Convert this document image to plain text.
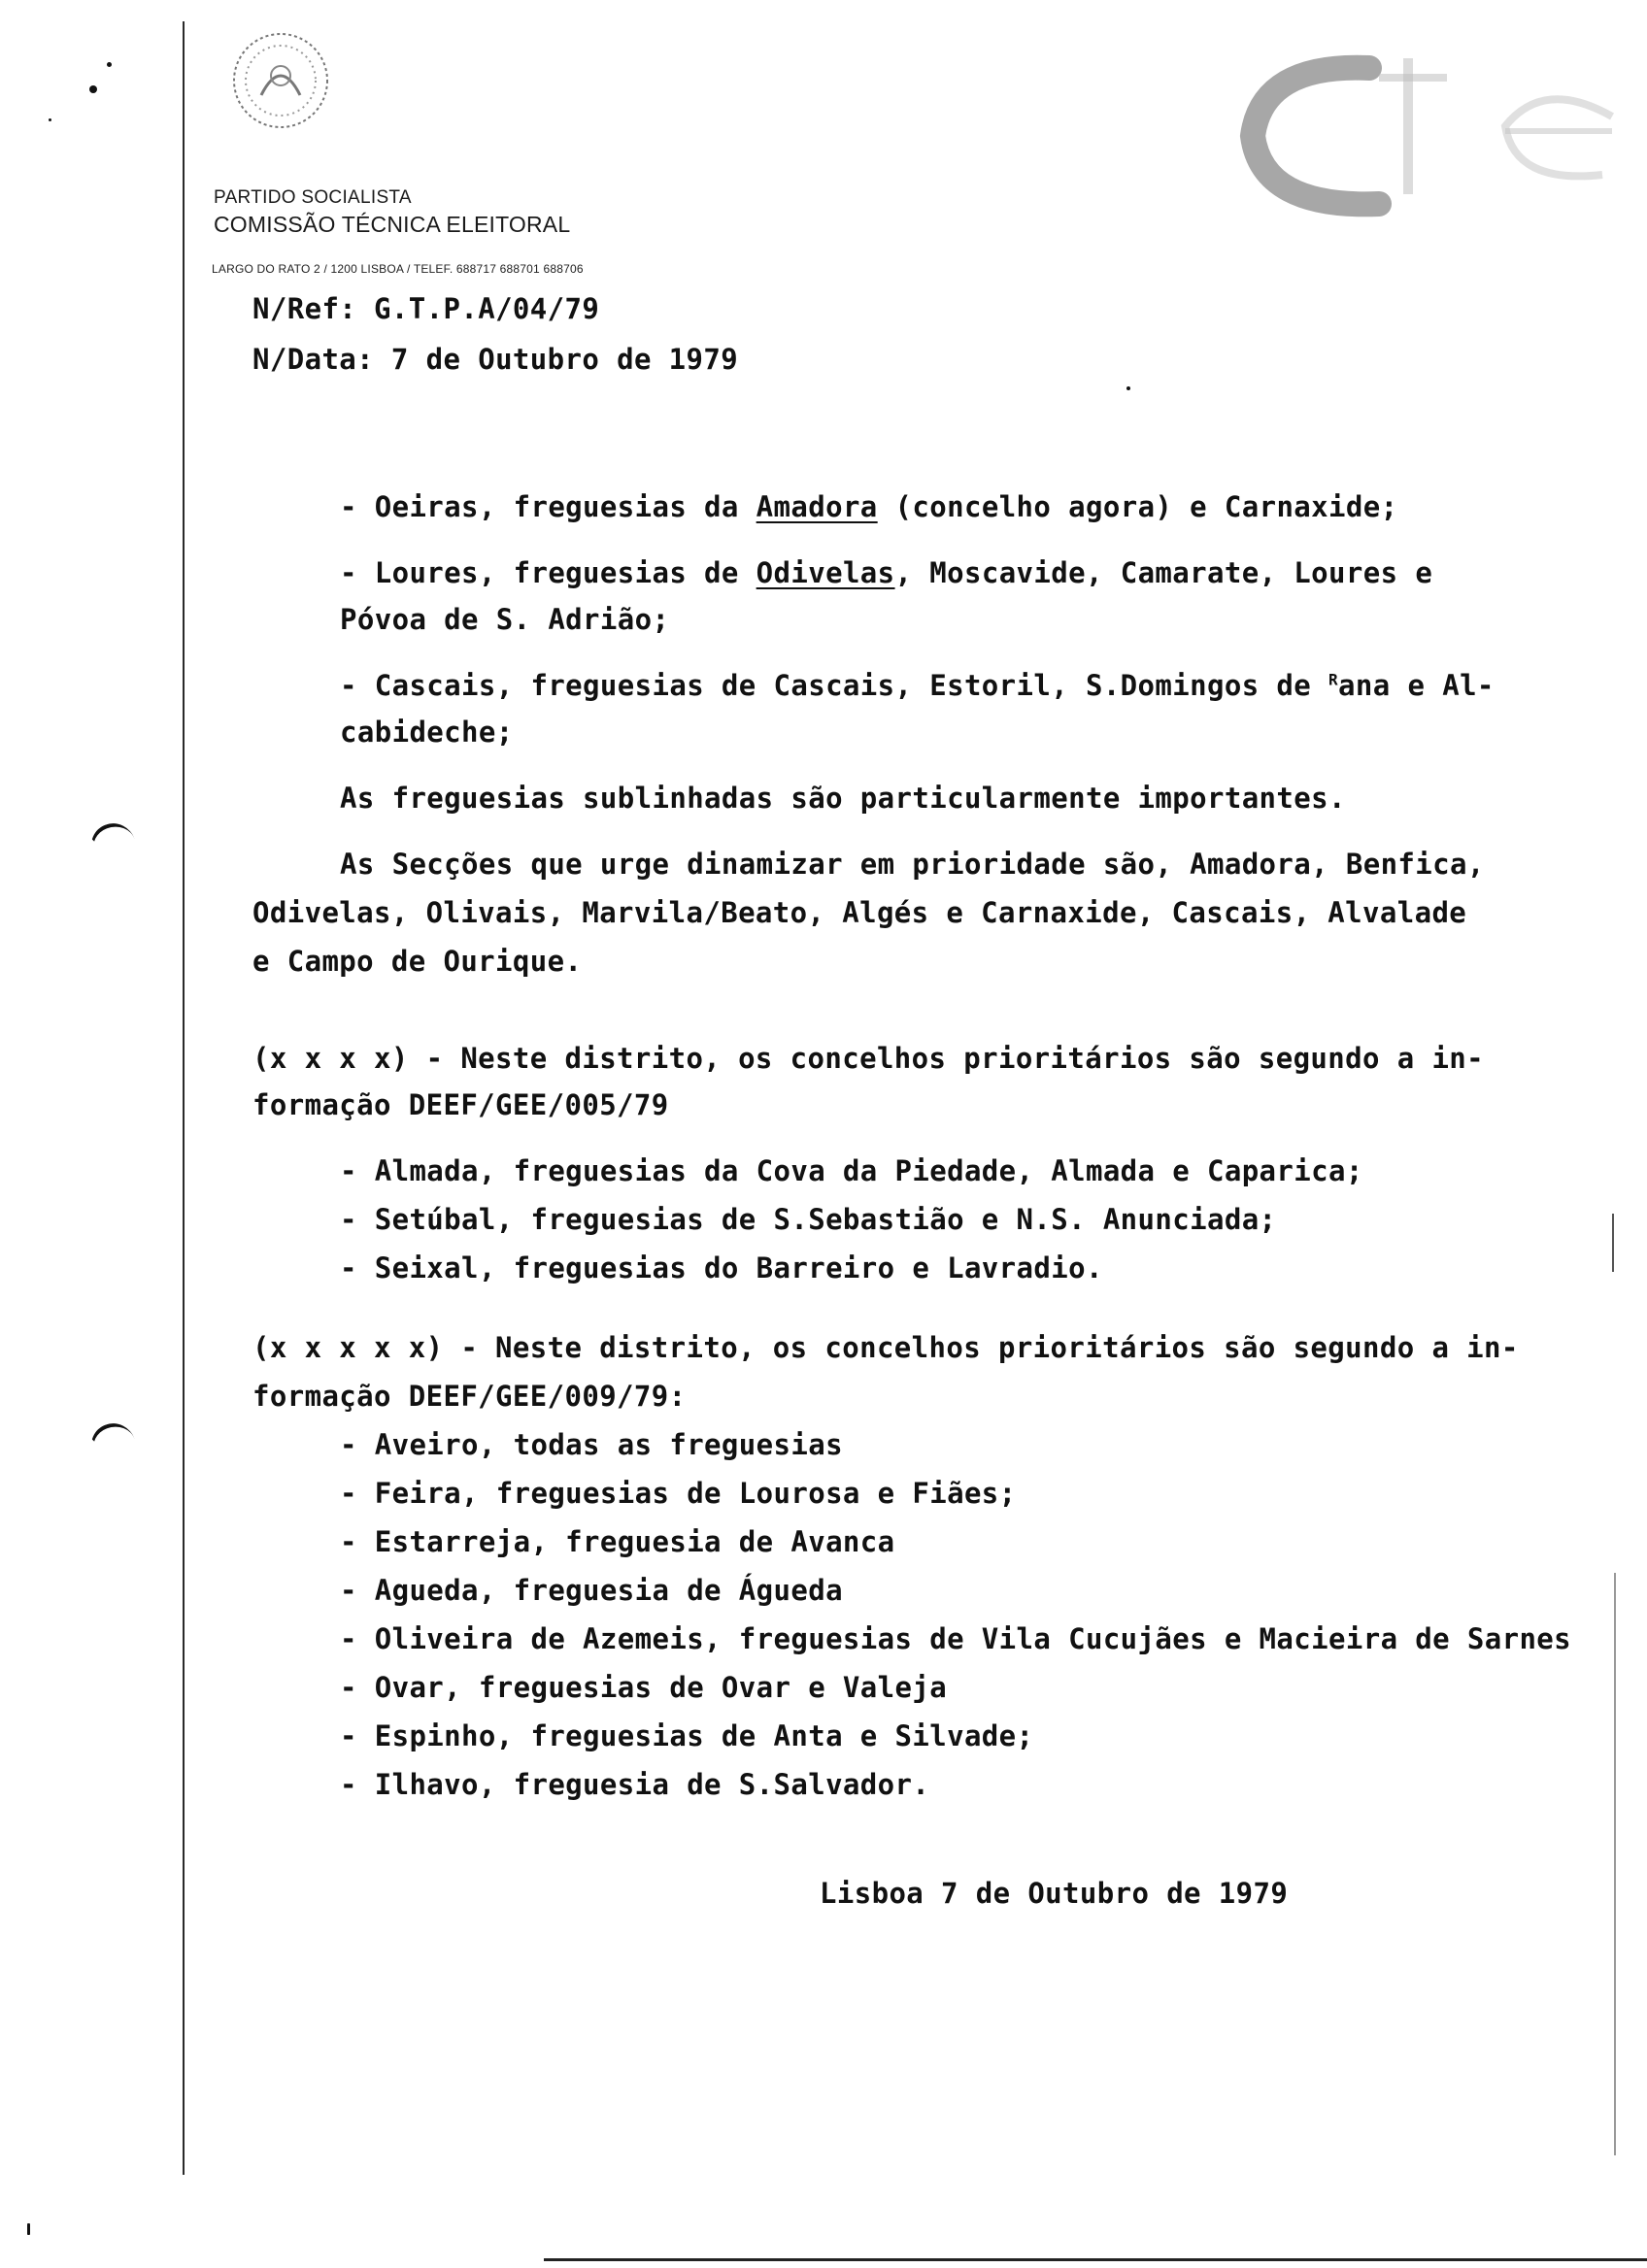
cte
PARTIDO SOCIALISTA
COMISSÃO TÉCNICA ELEITORAL
LARGO DO RATO 2 / 1200 LISBOA / TELEF. 688717 688701 688706
N/Ref: G.T.P.A/04/79
N/Data: 7 de Outubro de 1979
- Oeiras, freguesias da Amadora (concelho agora) e Carnaxide;
- Loures, freguesias de Odivelas, Moscavide, Camarate, Loures e
Póvoa de S. Adrião;
- Cascais, freguesias de Cascais, Estoril, S.Domingos de $^R$ana e Al-
cabideche;
As freguesias sublinhadas são particularmente importantes.
As Secções que urge dinamizar em prioridade são, Amadora, Benfica,
Odivelas, Olivais, Marvila/Beato, Algés e Carnaxide, Cascais, Alvalade
e Campo de Ourique.
(x x x x) - Neste distrito, os concelhos prioritários são segundo a in-
formação DEEF/GEE/005/79
- Almada, freguesias da Cova da Piedade, Almada e Caparica;
- Setúbal, freguesias de S.Sebastião e N.S. Anunciada;
- Seixal, freguesias do Barreiro e Lavradio.
(x x x x x) - Neste distrito, os concelhos prioritários são segundo a in-
formação DEEF/GEE/009/79:
- Aveiro, todas as freguesias
- Feira, freguesias de Lourosa e Fiães;
- Estarreja, freguesia de Avanca
- Agueda, freguesia de Águeda
- Oliveira de Azemeis, freguesias de Vila Cucujães e Macieira de Sarnes
- Ovar, freguesias de Ovar e Valeja
- Espinho, freguesias de Anta e Silvade;
- Ilhavo, freguesia de S.Salvador.
Lisboa 7 de Outubro de 1979
